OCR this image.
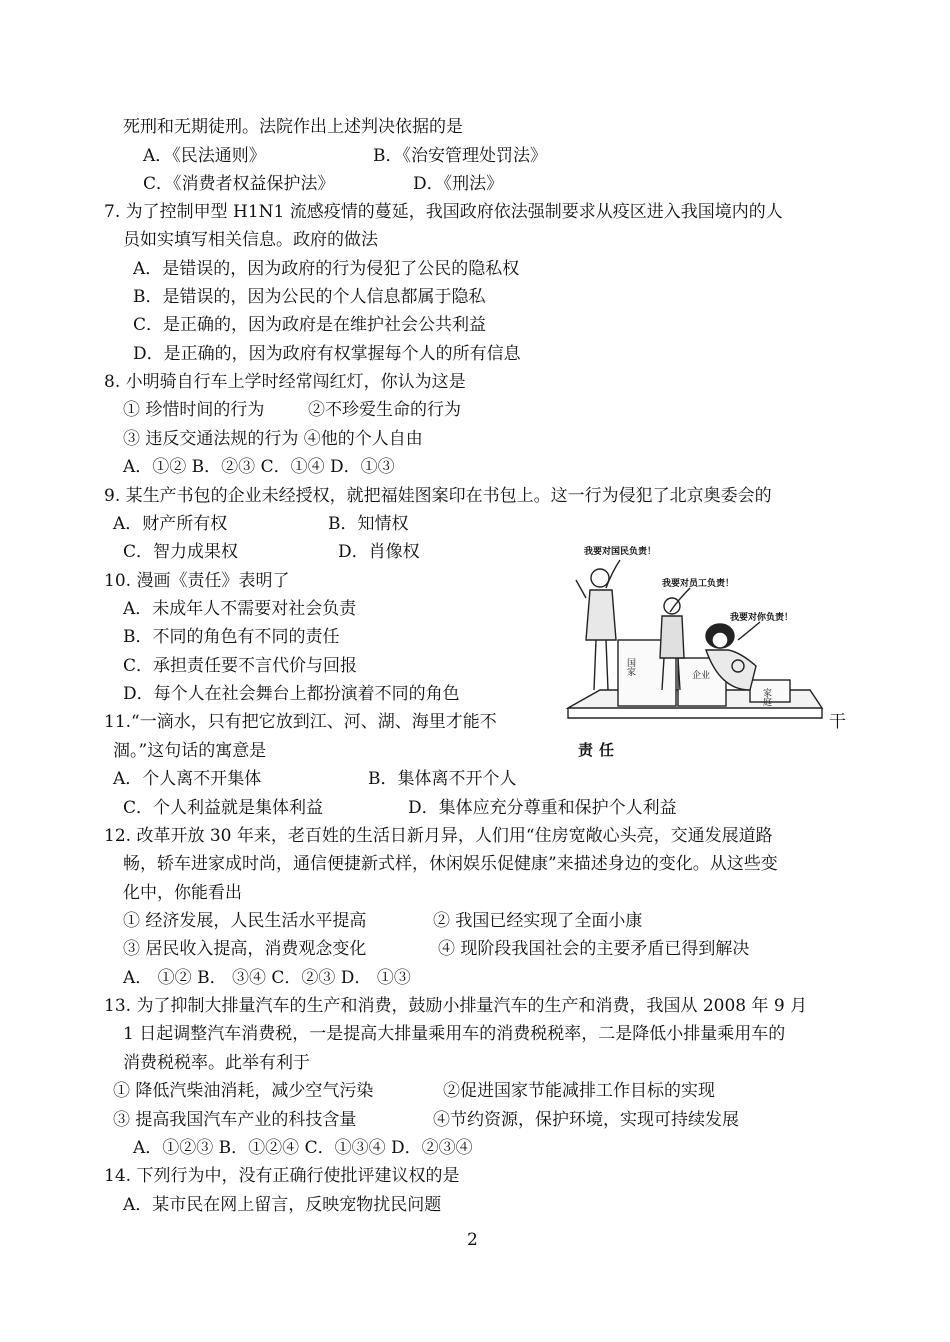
死刑和无期徒刑。法院作出上述判决依据的是
A．《民法通则》	B．《治安管理处罚法》
C．《消费者权益保护法》	D．《刑法》
7. 为了控制甲型 H1N1 流感疫情的蔓延，我国政府依法强制要求从疫区进入我国境内的人
员如实填写相关信息。政府的做法
A．是错误的，因为政府的行为侵犯了公民的隐私权
B．是错误的，因为公民的个人信息都属于隐私
C．是正确的，因为政府是在维护社会公共利益
D．是正确的，因为政府有权掌握每个人的所有信息
8. 小明骑自行车上学时经常闯红灯，你认为这是
① 珍惜时间的行为	②不珍爱生命的行为
③ 违反交通法规的行为 ④他的个人自由
A．①② B．②③ C．①④ D．①③
9. 某生产书包的企业未经授权，就把福娃图案印在书包上。这一行为侵犯了北京奥委会的
A．财产所有权	B．知情权
C．智力成果权	D．肖像权
10. 漫画《责任》表明了
A．未成年人不需要对社会负责
B．不同的角色有不同的责任
C．承担责任要不言代价与回报
D．每个人在社会舞台上都扮演着不同的角色
11.“一滴水，只有把它放到江、河、湖、海里才能不	干
涸。”这句话的寓意是
A．个人离不开集体	B．集体离不开个人
C．个人利益就是集体利益	D．集体应充分尊重和保护个人利益
12. 改革开放 30 年来，老百姓的生活日新月异，人们用“住房宽敞心头亮，交通发展道路
畅，轿车进家成时尚，通信便捷新式样，休闲娱乐促健康”来描述身边的变化。从这些变
化中，你能看出
① 经济发展，人民生活水平提高	② 我国已经实现了全面小康
③ 居民收入提高，消费观念变化	④ 现阶段我国社会的主要矛盾已得到解决
A． ①② B． ③④ C．②③ D． ①③
13. 为了抑制大排量汽车的生产和消费，鼓励小排量汽车的生产和消费，我国从 2008 年 9 月
1 日起调整汽车消费税，一是提高大排量乘用车的消费税税率，二是降低小排量乘用车的
消费税税率。此举有利于
① 降低汽柴油消耗，减少空气污染	②促进国家节能减排工作目标的实现
③ 提高我国汽车产业的科技含量	④节约资源，保护环境，实现可持续发展
A．①②③ B．①②④ C．①③④ D．②③④
14. 下列行为中，没有正确行使批评建议权的是
A．某市民在网上留言，反映宠物扰民问题
我要对国民负责！
我要对员工负责！
我要对你负责！
国家	企业
家庭
责任
2
